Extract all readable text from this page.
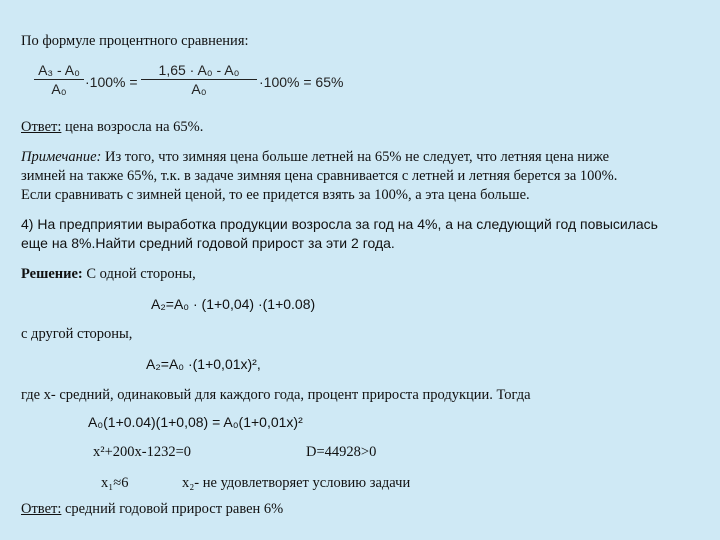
По формуле процентного сравнения:
$\frac{\text{A₃ - A₀}}{\text{A₀}} \cdot 100\% = \frac{\text{1,65 · A₀ - A₀}}{\text{A₀}} \cdot 100\% = 65\%$
Ответ: цена возросла на 65%.
Примечание: Из того, что зимняя цена больше летней на 65% не следует, что летняя цена ниже
зимней на также 65%, т.к. в задаче зимняя цена сравнивается с летней и летняя берется за 100%.
Если сравнивать с зимней ценой, то ее придется взять за 100%, а эта цена больше.
4) На предприятии выработка продукции возросла за год на 4%, а на следующий год повысилась
еще на 8%.Найти средний годовой прирост за эти 2 года.
Решение: С одной стороны,
A₂=A₀ · (1+0,04) ·(1+0.08)
с другой стороны,
A₂=A₀ ·(1+0,01x)²,
где x- средний, одинаковый для каждого года, процент прироста продукции. Тогда
A₀(1+0.04)(1+0,08) = A₀(1+0,01x)²
x²+200x-1232=0	D=44928>0
x₁≈6	x₂- не удовлетворяет условию задачи
Ответ: средний годовой прирост равен 6%
